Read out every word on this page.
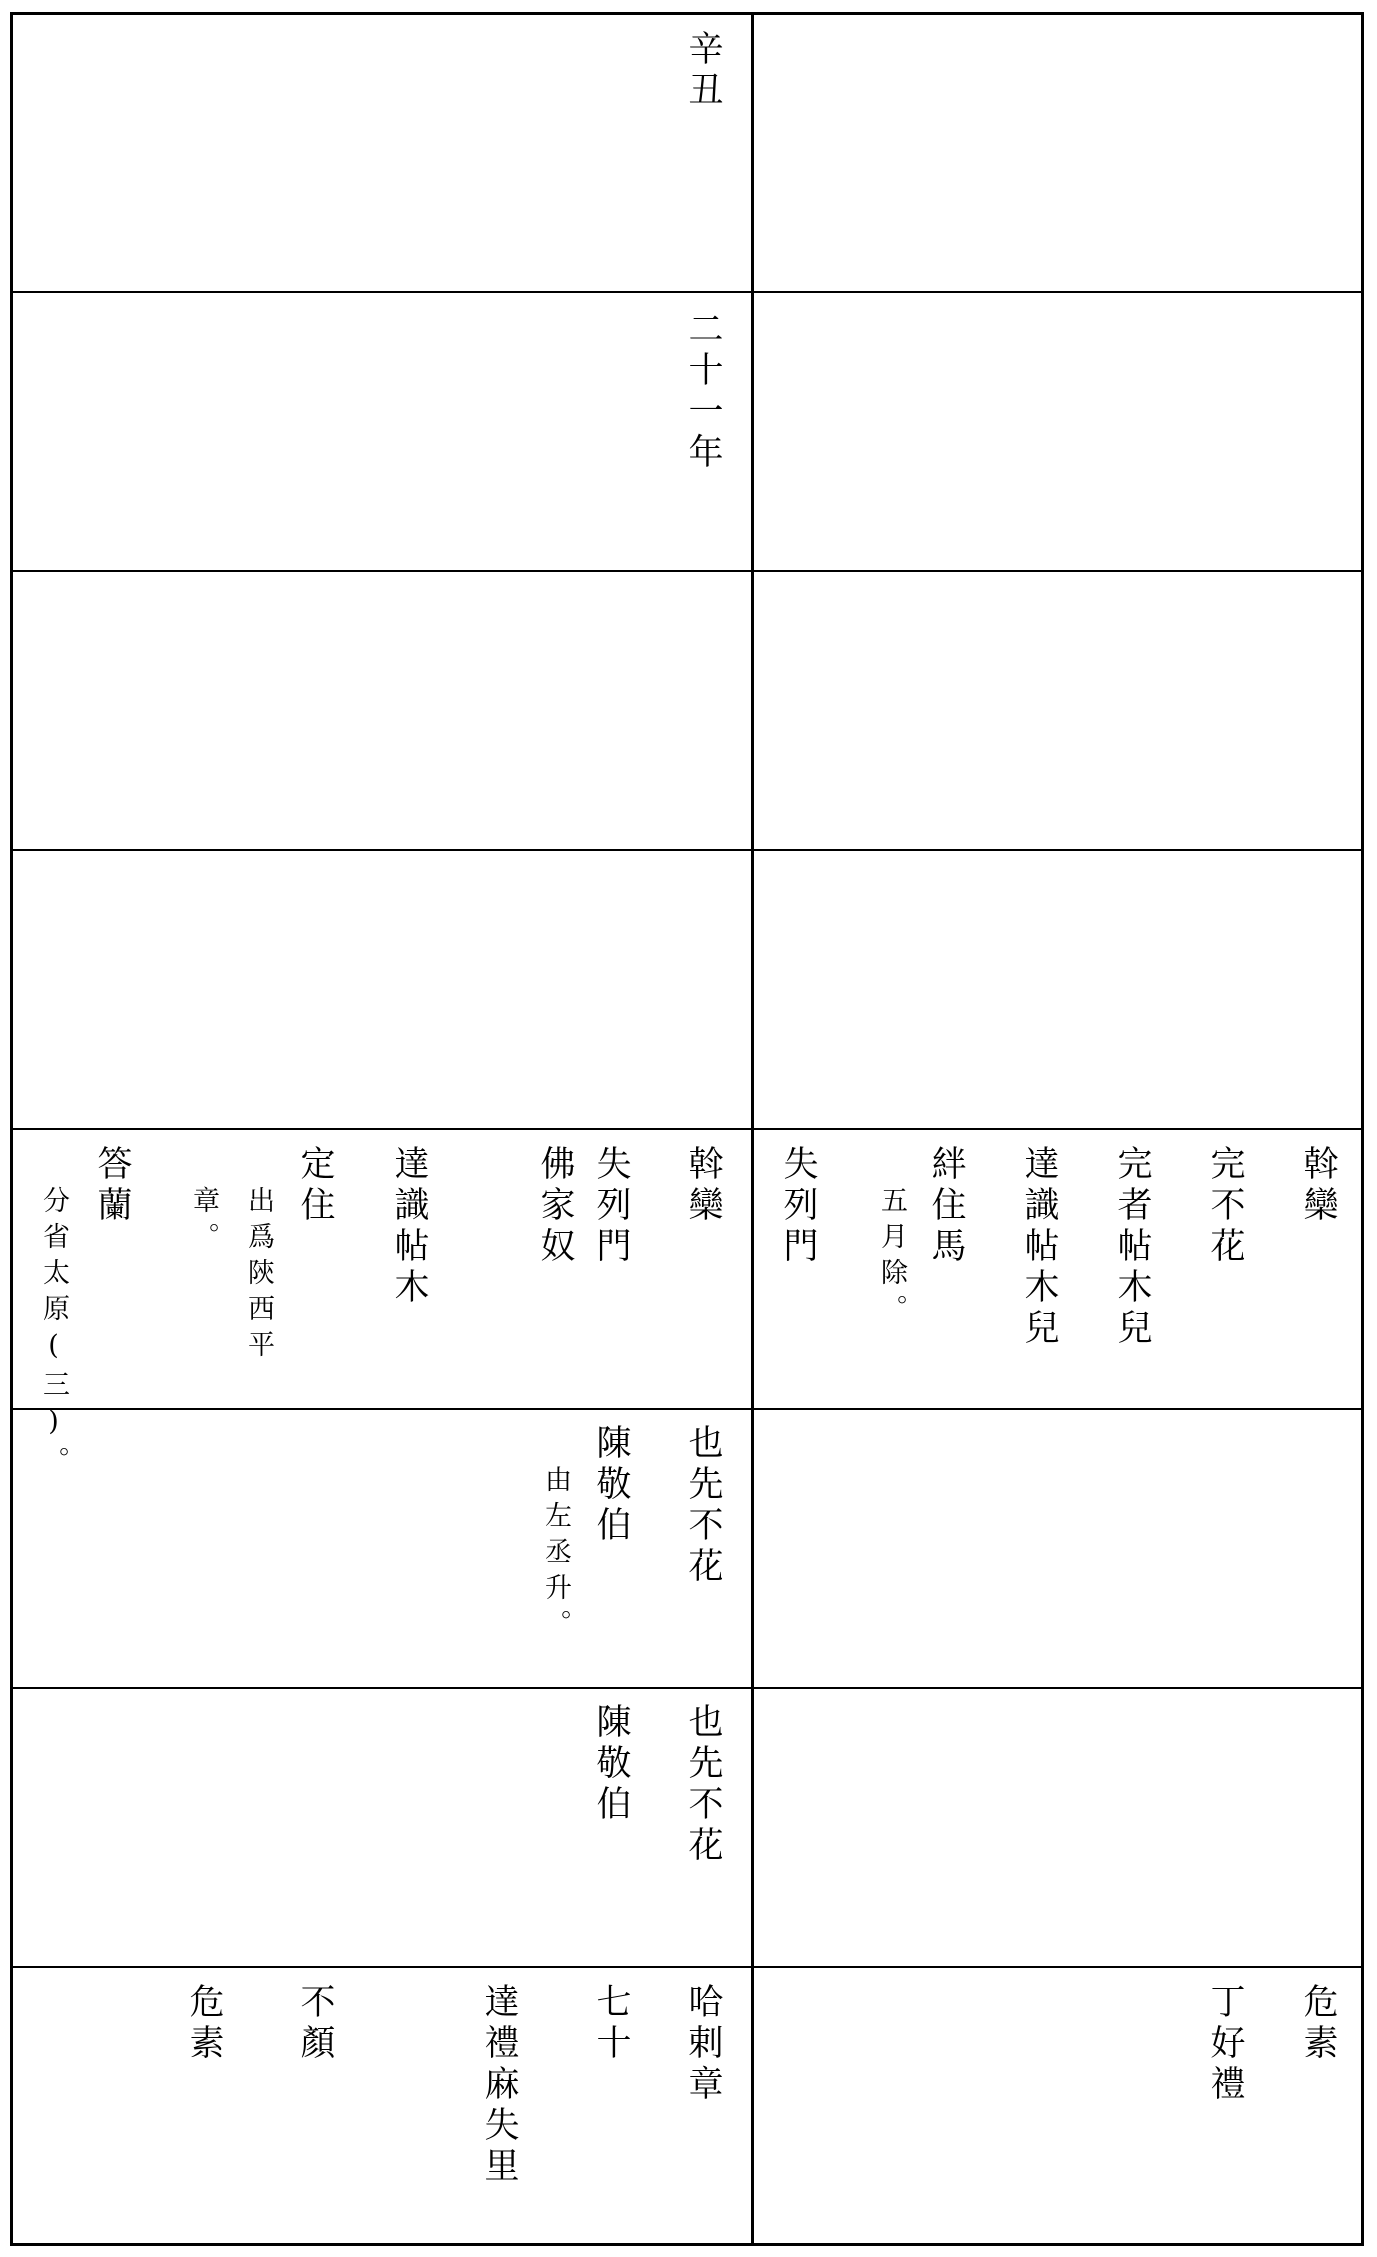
辛丑
二十一年
斡欒
失列門
佛家奴
達識帖木
定住
出爲陝西平
章。
答蘭
分省太原(三)。	斡欒
完不花
完者帖木兒
達識帖木兒
絆住馬
五月除。
失列門
也先不花
陳敬伯
由左丞升。
也先不花
陳敬伯
哈剌章
七十
達禮麻失里
不顏
危素	危素
丁好禮
